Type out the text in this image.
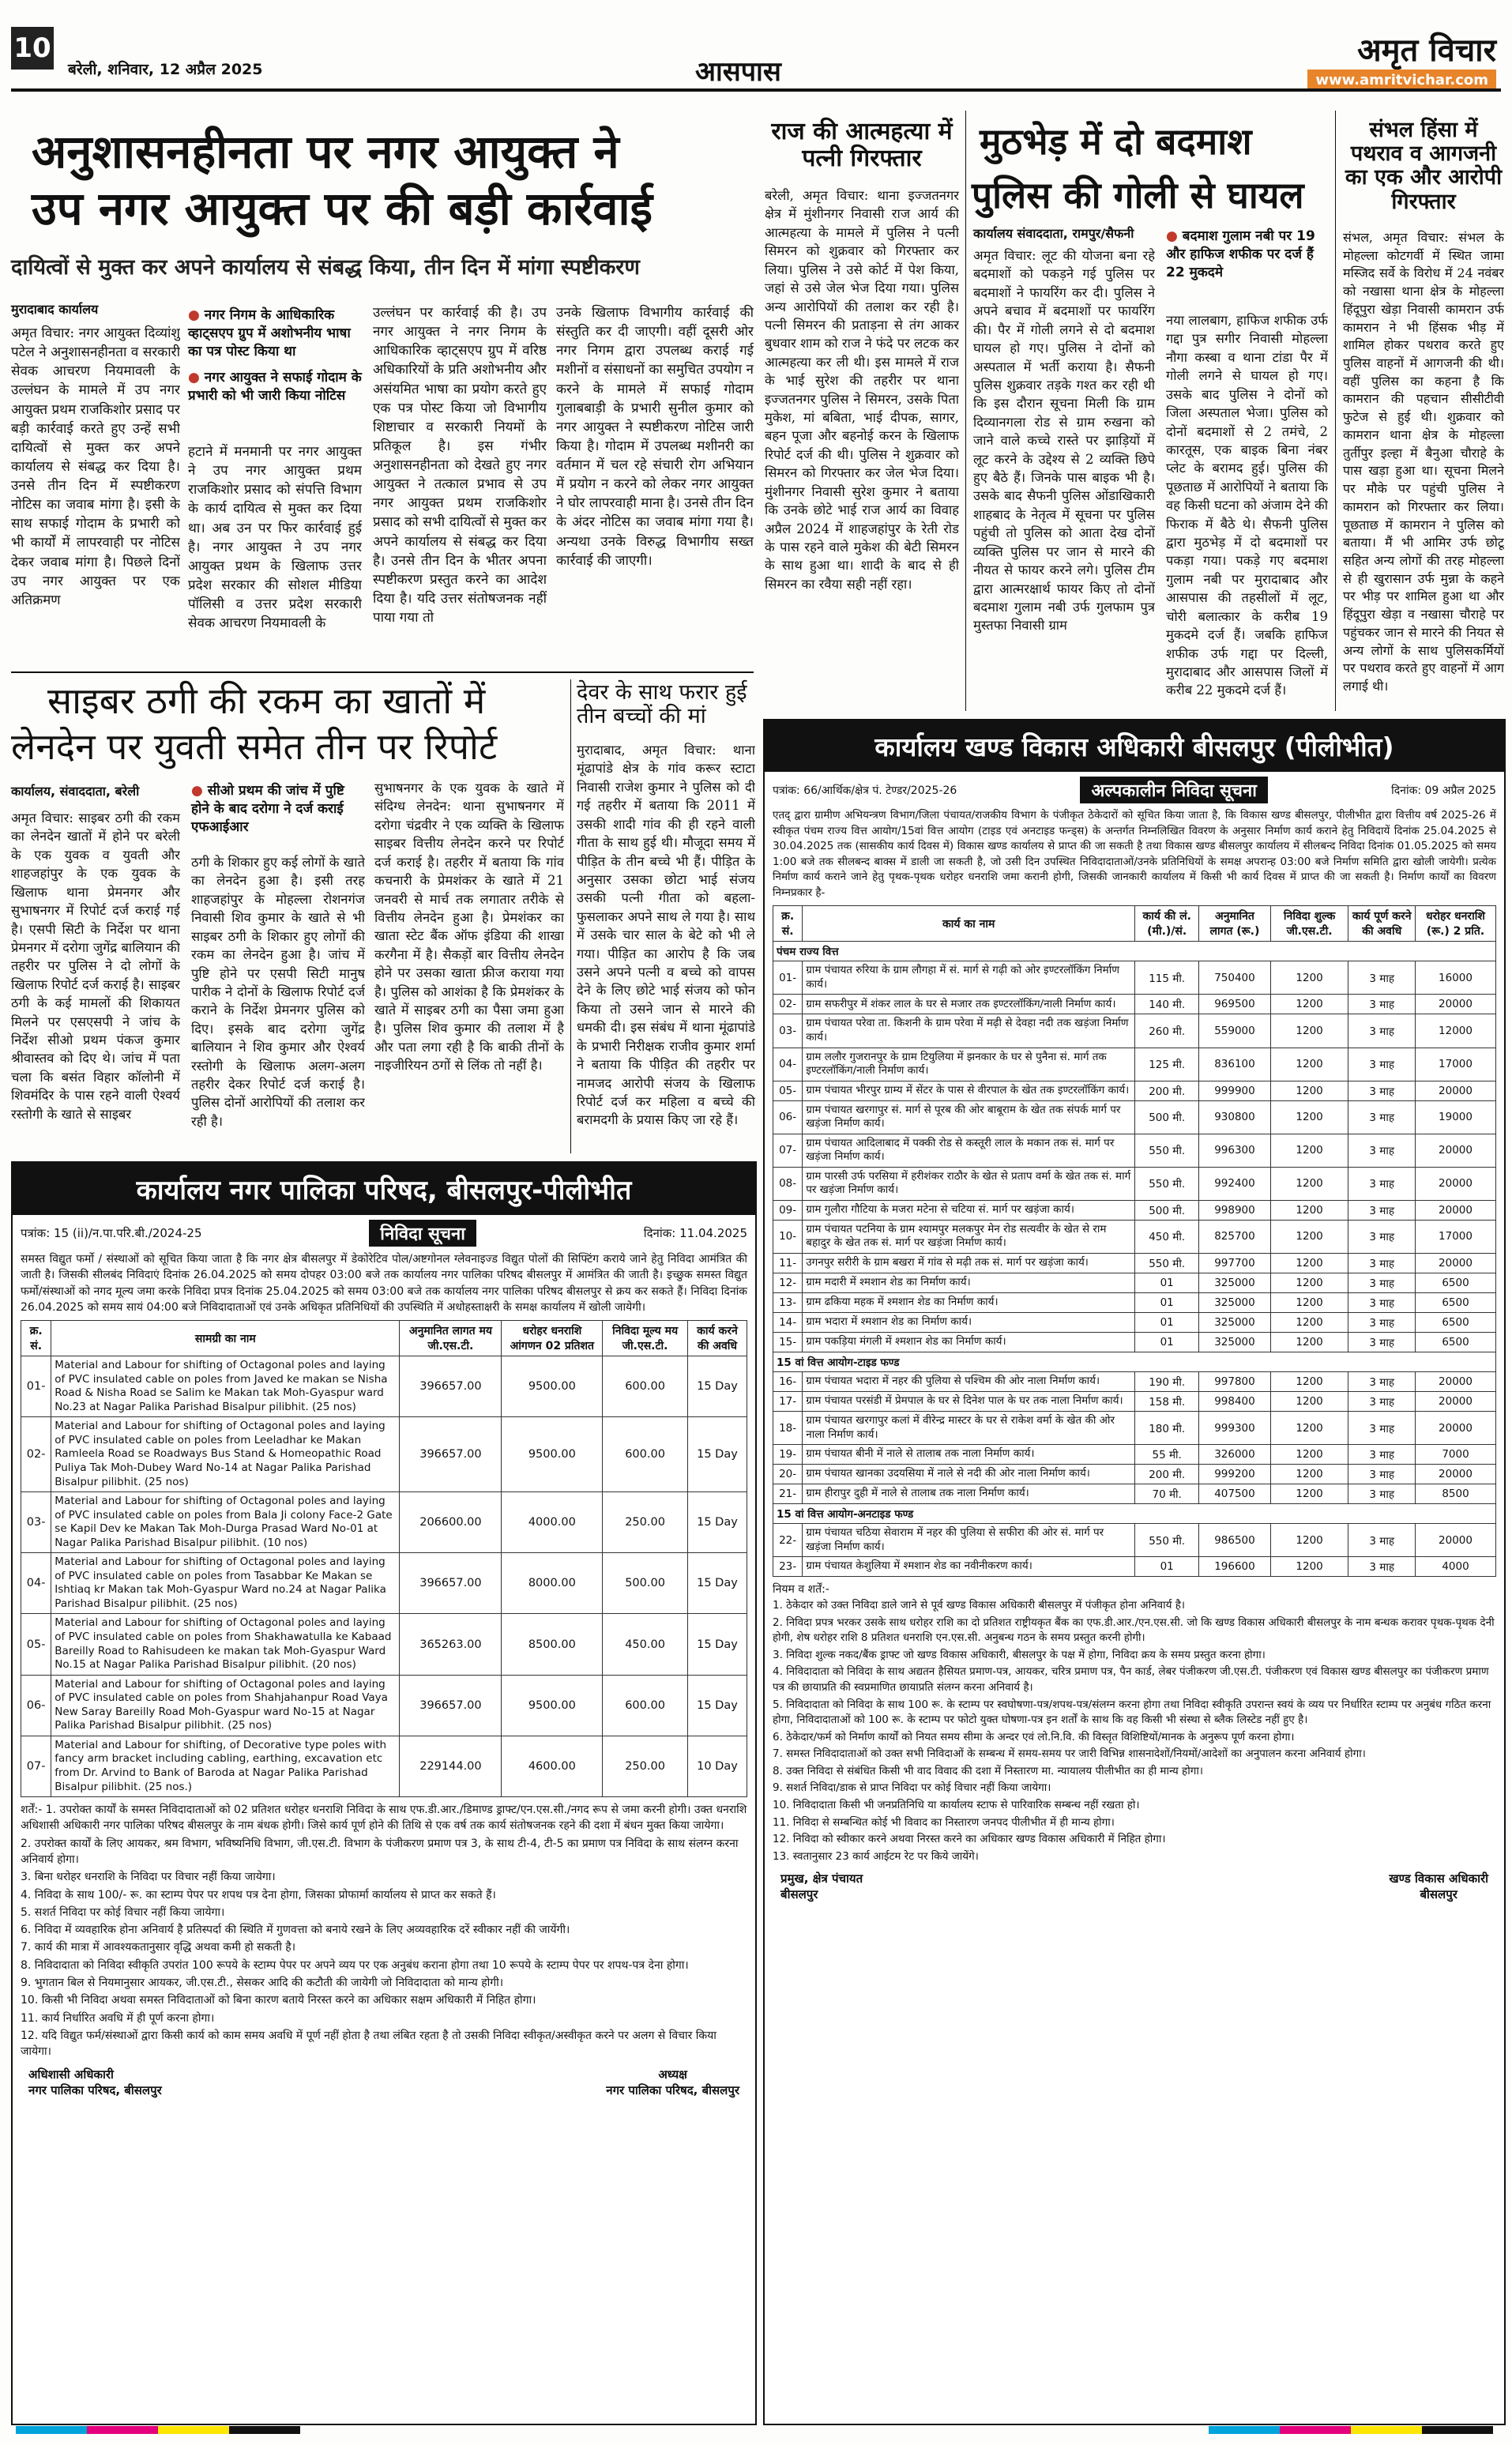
10
बरेली, शनिवार, 12 अप्रैल 2025	आसपास
अमृत विचार
www.amritvichar.com
अनुशासनहीनता पर नगर आयुक्त ने
उप नगर आयुक्त पर की बड़ी कार्रवाई
दायित्वों से मुक्त कर अपने कार्यालय से संबद्ध किया, तीन दिन में मांगा स्पष्टीकरण
मुरादाबाद कार्यालय
अमृत विचार: नगर आयुक्त दिव्यांशु पटेल ने अनुशासनहीनता व सरकारी सेवक आचरण नियमावली के उल्लंघन के मामले में उप नगर आयुक्त प्रथम राजकिशोर प्रसाद पर बड़ी कार्रवाई करते हुए उन्हें सभी दायित्वों से मुक्त कर अपने कार्यालय से संबद्ध कर दिया है। उनसे तीन दिन में स्पष्टीकरण नोटिस का जवाब मांगा है। इसी के साथ सफाई गोदाम के प्रभारी को भी कार्यों में लापरवाही पर नोटिस देकर जवाब मांगा है। पिछले दिनों उप नगर आयुक्त पर एक अतिक्रमण
● नगर निगम के आधिकारिक व्हाट्सएप ग्रुप में अशोभनीय भाषा का पत्र पोस्ट किया था
● नगर आयुक्त ने सफाई गोदाम के प्रभारी को भी जारी किया नोटिस
हटाने में मनमानी पर नगर आयुक्त ने उप नगर आयुक्त प्रथम राजकिशोर प्रसाद को संपत्ति विभाग के कार्य दायित्व से मुक्त कर दिया था। अब उन पर फिर कार्रवाई हुई है। नगर आयुक्त ने उप नगर आयुक्त प्रथम के खिलाफ उत्तर प्रदेश सरकार की सोशल मीडिया पॉलिसी व उत्तर प्रदेश सरकारी सेवक आचरण नियमावली के
उल्लंघन पर कार्रवाई की है। उप नगर आयुक्त ने नगर निगम के आधिकारिक व्हाट्सएप ग्रुप में वरिष्ठ अधिकारियों के प्रति अशोभनीय और असंयमित भाषा का प्रयोग करते हुए एक पत्र पोस्ट किया जो विभागीय शिष्टाचार व सरकारी नियमों के प्रतिकूल है। इस गंभीर अनुशासनहीनता को देखते हुए नगर आयुक्त ने तत्काल प्रभाव से उप नगर आयुक्त प्रथम राजकिशोर प्रसाद को सभी दायित्वों से मुक्त कर अपने कार्यालय से संबद्ध कर दिया है। उनसे तीन दिन के भीतर अपना स्पष्टीकरण प्रस्तुत करने का आदेश दिया है। यदि उत्तर संतोषजनक नहीं पाया गया तो
उनके खिलाफ विभागीय कार्रवाई की संस्तुति कर दी जाएगी। वहीं दूसरी ओर नगर निगम द्वारा उपलब्ध कराई गई मशीनों व संसाधनों का समुचित उपयोग न करने के मामले में सफाई गोदाम गुलाबबाड़ी के प्रभारी सुनील कुमार को नगर आयुक्त ने स्पष्टीकरण नोटिस जारी किया है। गोदाम में उपलब्ध मशीनरी का वर्तमान में चल रहे संचारी रोग अभियान में प्रयोग न करने को लेकर नगर आयुक्त ने घोर लापरवाही माना है। उनसे तीन दिन के अंदर नोटिस का जवाब मांगा गया है। अन्यथा उनके विरुद्ध विभागीय सख्त कार्रवाई की जाएगी।
राज की आत्महत्या में पत्नी गिरफ्तार
बरेली, अमृत विचार: थाना इज्जतनगर क्षेत्र में मुंशीनगर निवासी राज आर्य की आत्महत्या के मामले में पुलिस ने पत्नी सिमरन को शुक्रवार को गिरफ्तार कर लिया। पुलिस ने उसे कोर्ट में पेश किया, जहां से उसे जेल भेज दिया गया। पुलिस अन्य आरोपियों की तलाश कर रही है। पत्नी सिमरन की प्रताड़ना से तंग आकर बुधवार शाम को राज ने फंदे पर लटक कर आत्महत्या कर ली थी। इस मामले में राज के भाई सुरेश की तहरीर पर थाना इज्जतनगर पुलिस ने सिमरन, उसके पिता मुकेश, मां बबिता, भाई दीपक, सागर, बहन पूजा और बहनोई करन के खिलाफ रिपोर्ट दर्ज की थी। पुलिस ने शुक्रवार को सिमरन को गिरफ्तार कर जेल भेज दिया। मुंशीनगर निवासी सुरेश कुमार ने बताया कि उनके छोटे भाई राज आर्य का विवाह अप्रैल 2024 में शाहजहांपुर के रेती रोड के पास रहने वाले मुकेश की बेटी सिमरन के साथ हुआ था। शादी के बाद से ही सिमरन का रवैया सही नहीं रहा।
मुठभेड़ में दो बदमाश
पुलिस की गोली से घायल
कार्यालय संवाददाता, रामपुर/सैफनी
अमृत विचार: लूट की योजना बना रहे बदमाशों को पकड़ने गई पुलिस पर बदमाशों ने फायरिंग कर दी। पुलिस ने अपने बचाव में बदमाशों पर फायरिंग की। पैर में गोली लगने से दो बदमाश घायल हो गए। पुलिस ने दोनों को अस्पताल में भर्ती कराया है। सैफनी पुलिस शुक्रवार तड़के गश्त कर रही थी कि इस दौरान सूचना मिली कि ग्राम दिव्यानगला रोड से ग्राम रुखना को जाने वाले कच्चे रास्ते पर झाड़ियों में लूट करने के उद्देश्य से 2 व्यक्ति छिपे हुए बैठे हैं। जिनके पास बाइक भी है। उसके बाद सैफनी पुलिस ओंडाखिकारी शाहबाद के नेतृत्व में सूचना पर पुलिस पहुंची तो पुलिस को आता देख दोनों व्यक्ति पुलिस पर जान से मारने की नीयत से फायर करने लगे। पुलिस टीम द्वारा आत्मरक्षार्थ फायर किए तो दोनों बदमाश गुलाम नबी उर्फ गुलफाम पुत्र मुस्तफा निवासी ग्राम
● बदमाश गुलाम नबी पर 19 और हाफिज शफीक पर दर्ज हैं 22 मुकदमे
नया लालबाग, हाफिज शफीक उर्फ गद्दा पुत्र सगीर निवासी मोहल्ला नौगा कस्बा व थाना टांडा पैर में गोली लगने से घायल हो गए। उसके बाद पुलिस ने दोनों को जिला अस्पताल भेजा। पुलिस को दोनों बदमाशों से 2 तमंचे, 2 कारतूस, एक बाइक बिना नंबर प्लेट के बरामद हुई। पुलिस की पूछताछ में आरोपियों ने बताया कि वह किसी घटना को अंजाम देने की फिराक में बैठे थे। सैफनी पुलिस द्वारा मुठभेड़ में दो बदमाशों पर पकड़ा गया। पकड़े गए बदमाश गुलाम नबी पर मुरादाबाद और आसपास की तहसीलों में लूट, चोरी बलात्कार के करीब 19 मुकदमे दर्ज हैं। जबकि हाफिज शफीक उर्फ गद्दा पर दिल्ली, मुरादाबाद और आसपास जिलों में करीब 22 मुकदमे दर्ज हैं।
संभल हिंसा में पथराव व आगजनी का एक और आरोपी गिरफ्तार
संभल, अमृत विचार: संभल के मोहल्ला कोटगर्वी में स्थित जामा मस्जिद सर्वे के विरोध में 24 नवंबर को नखासा थाना क्षेत्र के मोहल्ला हिंदूपुरा खेड़ा निवासी कामरान उर्फ कामरान ने भी हिंसक भीड़ में शामिल होकर पथराव करते हुए पुलिस वाहनों में आगजनी की थी। वहीं पुलिस का कहना है कि कामरान की पहचान सीसीटीवी फुटेज से हुई थी। शुक्रवार को कामरान थाना क्षेत्र के मोहल्ला तुर्तीपुर इल्हा में बैनुआ चौराहे के पास खड़ा हुआ था। सूचना मिलने पर मौके पर पहुंची पुलिस ने कामरान को गिरफ्तार कर लिया। पूछताछ में कामरान ने पुलिस को बताया। मैं भी आमिर उर्फ छोटू सहित अन्य लोगों की तरह मोहल्ला से ही खुरासान उर्फ मुन्ना के कहने पर भीड़ पर शामिल हुआ था और हिंदूपुरा खेड़ा व नखासा चौराहे पर पहुंचकर जान से मारने की नियत से अन्य लोगों के साथ पुलिसकर्मियों पर पथराव करते हुए वाहनों में आग लगाई थी।
साइबर ठगी की रकम का खातों में
लेनदेन पर युवती समेत तीन पर रिपोर्ट
कार्यालय, संवाददाता, बरेली
अमृत विचार: साइबर ठगी की रकम का लेनदेन खातों में होने पर बरेली के एक युवक व युवती और शाहजहांपुर के एक युवक के खिलाफ थाना प्रेमनगर और सुभाषनगर में रिपोर्ट दर्ज कराई गई है। एसपी सिटी के निर्देश पर थाना प्रेमनगर में दरोगा जुगेंद्र बालियान की तहरीर पर पुलिस ने दो लोगों के खिलाफ रिपोर्ट दर्ज कराई है। साइबर ठगी के कई मामलों की शिकायत मिलने पर एसएसपी ने जांच के निर्देश सीओ प्रथम पंकज कुमार श्रीवास्तव को दिए थे। जांच में पता चला कि बसंत विहार कॉलोनी में शिवमंदिर के पास रहने वाली ऐश्वर्य रस्तोगी के खाते से साइबर
● सीओ प्रथम की जांच में पुष्टि होने के बाद दरोगा ने दर्ज कराई एफआईआर
ठगी के शिकार हुए कई लोगों के खाते का लेनदेन हुआ है। इसी तरह शाहजहांपुर के मोहल्ला रोशनगंज निवासी शिव कुमार के खाते से भी साइबर ठगी के शिकार हुए लोगों की रकम का लेनदेन हुआ है। जांच में पुष्टि होने पर एसपी सिटी मानुष पारीक ने दोनों के खिलाफ रिपोर्ट दर्ज कराने के निर्देश प्रेमनगर पुलिस को दिए। इसके बाद दरोगा जुगेंद्र बालियान ने शिव कुमार और ऐश्वर्य रस्तोगी के खिलाफ अलग-अलग तहरीर देकर रिपोर्ट दर्ज कराई है। पुलिस दोनों आरोपियों की तलाश कर रही है।
सुभाषनगर के एक युवक के खाते में संदिग्ध लेनदेन: थाना सुभाषनगर में दरोगा चंद्रवीर ने एक व्यक्ति के खिलाफ साइबर वित्तीय लेनदेन करने पर रिपोर्ट दर्ज कराई है। तहरीर में बताया कि गांव कचनारी के प्रेमशंकर के खाते में 21 जनवरी से मार्च तक लगातार तरीके से वित्तीय लेनदेन हुआ है। प्रेमशंकर का खाता स्टेट बैंक ऑफ इंडिया की शाखा करगैना में है। सैकड़ों बार वित्तीय लेनदेन होने पर उसका खाता फ्रीज कराया गया है। पुलिस को आशंका है कि प्रेमशंकर के खाते में साइबर ठगी का पैसा जमा हुआ है। पुलिस शिव कुमार की तलाश में है और पता लगा रही है कि बाकी तीनों के नाइजीरियन ठगों से लिंक तो नहीं है।
देवर के साथ फरार हुई तीन बच्चों की मां
मुरादाबाद, अमृत विचार: थाना मूंढापांडे क्षेत्र के गांव करूर स्टाटा निवासी राजेश कुमार ने पुलिस को दी गई तहरीर में बताया कि 2011 में उसकी शादी गांव की ही रहने वाली गीता के साथ हुई थी। मौजूदा समय में पीड़ित के तीन बच्चे भी हैं। पीड़ित के अनुसार उसका छोटा भाई संजय उसकी पत्नी गीता को बहला-फुसलाकर अपने साथ ले गया है। साथ में उसके चार साल के बेटे को भी ले गया। पीड़ित का आरोप है कि जब उसने अपने पत्नी व बच्चे को वापस देने के लिए छोटे भाई संजय को फोन किया तो उसने जान से मारने की धमकी दी। इस संबंध में थाना मूंढापांडे के प्रभारी निरीक्षक राजीव कुमार शर्मा ने बताया कि पीड़ित की तहरीर पर नामजद आरोपी संजय के खिलाफ रिपोर्ट दर्ज कर महिला व बच्चे की बरामदगी के प्रयास किए जा रहे हैं।
कार्यालय नगर पालिका परिषद, बीसलपुर-पीलीभीत
पत्रांक: 15 (ii)/न.पा.परि.बी./2024-25	निविदा सूचना	दिनांक: 11.04.2025
समस्त विद्युत फर्मो / संस्थाओं को सूचित किया जाता है कि नगर क्षेत्र बीसलपुर में डेकोरेटिव पोल/अष्टगोनल ग्लेवनाइज्ड विद्युत पोलों की सिफ्टिंग कराये जाने हेतु निविदा आमंत्रित की जाती है। जिसकी सीलबंद निविदाएं दिनांक 26.04.2025 को समय दोपहर 03:00 बजे तक कार्यालय नगर पालिका परिषद बीसलपुर में आमंत्रित की जाती है। इच्छुक समस्त विद्युत फर्मो/संस्थाओं को नगद मूल्य जमा करके निविदा प्रपत्र दिनांक 25.04.2025 को समय 03:00 बजे तक कार्यालय नगर पालिका परिषद बीसलपुर से क्रय कर सकते हैं। निविदा दिनांक 26.04.2025 को समय सायं 04:00 बजे निविदादाताओं एवं उनके अधिकृत प्रतिनिधियों की उपस्थिति में अधोहस्ताक्षरी के समक्ष कार्यालय में खोली जायेगी।
क्र. सं.	सामग्री का नाम	अनुमानित लागत मय जी.एस.टी.	धरोहर धनराशि आंगणन 02 प्रतिशत	निविदा मूल्य मय जी.एस.टी.	कार्य करने की अवधि
01-	Material and Labour for shifting of Octagonal poles and laying of PVC insulated cable on poles from Javed ke makan se Nisha Road & Nisha Road se Salim ke Makan tak Moh-Gyaspur ward No.23 at Nagar Palika Parishad Bisalpur pilibhit. (25 nos)	396657.00	9500.00	600.00	15 Day
02-	Material and Labour for shifting of Octagonal poles and laying of PVC insulated cable on poles from Leeladhar ke Makan Ramleela Road se Roadways Bus Stand & Homeopathic Road Puliya Tak Moh-Dubey Ward No-14 at Nagar Palika Parishad Bisalpur pilibhit. (25 nos)	396657.00	9500.00	600.00	15 Day
03-	Material and Labour for shifting of Octagonal poles and laying of PVC insulated cable on poles from Bala Ji colony Face-2 Gate se Kapil Dev ke Makan Tak Moh-Durga Prasad Ward No-01 at Nagar Palika Parishad Bisalpur pilibhit. (10 nos)	206600.00	4000.00	250.00	15 Day
04-	Material and Labour for shifting of Octagonal poles and laying of PVC insulated cable on poles from Tasabbar Ke Makan se Ishtiaq kr Makan tak Moh-Gyaspur Ward no.24 at Nagar Palika Parishad Bisalpur pilibhit. (25 nos)	396657.00	8000.00	500.00	15 Day
05-	Material and Labour for shifting of Octagonal poles and laying of PVC insulated cable on poles from Shakhawatulla ke Kabaad Bareilly Road to Rahisudeen ke makan tak Moh-Gyaspur Ward No.15 at Nagar Palika Parishad Bisalpur pilibhit. (20 nos)	365263.00	8500.00	450.00	15 Day
06-	Material and Labour for shifting of Octagonal poles and laying of PVC insulated cable on poles from Shahjahanpur Road Vaya New Saray Bareilly Road Moh-Gyaspur ward No-15 at Nagar Palika Parishad Bisalpur pilibhit. (25 nos)	396657.00	9500.00	600.00	15 Day
07-	Material and Labour for shifting, of Decorative type poles with fancy arm bracket including cabling, earthing, excavation etc from Dr. Arvind to Bank of Baroda at Nagar Palika Parishad Bisalpur pilibhit. (25 nos.)	229144.00	4600.00	250.00	10 Day
शर्तें:- 1. उपरोक्त कार्यों के समस्त निविदादाताओं को 02 प्रतिशत धरोहर धनराशि निविदा के साथ एफ.डी.आर./डिमाण्ड ड्राफ्ट/एन.एस.सी./नगद रूप से जमा करनी होगी। उक्त धनराशि अधिशासी अधिकारी नगर पालिका परिषद बीसलपुर के नाम बंधक होगी। जिसे कार्य पूर्ण होने की तिथि से एक वर्ष तक कार्य संतोषजनक रहने की दशा में बंधन मुक्त किया जायेगा।
2. उपरोक्त कार्यों के लिए आयकर, श्रम विभाग, भविष्यनिधि विभाग, जी.एस.टी. विभाग के पंजीकरण प्रमाण पत्र 3, के साथ टी-4, टी-5 का प्रमाण पत्र निविदा के साथ संलग्न करना अनिवार्य होगा।
3. बिना धरोहर धनराशि के निविदा पर विचार नहीं किया जायेगा।
4. निविदा के साथ 100/- रू. का स्टाम्प पेपर पर शपथ पत्र देना होगा, जिसका प्रोफार्मा कार्यालय से प्राप्त कर सकते हैं।
5. सशर्त निविदा पर कोई विचार नहीं किया जायेगा।
6. निविदा में व्यवहारिक होना अनिवार्य है प्रतिस्पर्दा की स्थिति में गुणवत्ता को बनाये रखने के लिए अव्यवहारिक दरें स्वीकार नहीं की जायेंगी।
7. कार्य की मात्रा में आवश्यकतानुसार वृद्धि अथवा कमी हो सकती है।
8. निविदादाता को निविदा स्वीकृति उपरांत 100 रूपये के स्टाम्प पेपर पर अपने व्यय पर एक अनुबंध कराना होगा तथा 10 रूपये के स्टाम्प पेपर पर शपथ-पत्र देना होगा।
9. भुगतान बिल से नियमानुसार आयकर, जी.एस.टी., सेसकर आदि की कटौती की जायेगी जो निविदादाता को मान्य होगी।
10. किसी भी निविदा अथवा समस्त निविदाताओं को बिना कारण बताये निरस्त करने का अधिकार सक्षम अधिकारी में निहित होगा।
11. कार्य निर्धारित अवधि में ही पूर्ण करना होगा।
12. यदि विद्युत फर्म/संस्थाओं द्वारा किसी कार्य को काम समय अवधि में पूर्ण नहीं होता है तथा लंबित रहता है तो उसकी निविदा स्वीकृत/अस्वीकृत करने पर अलग से विचार किया जायेगा।
अधिशासी अधिकारी
नगर पालिका परिषद, बीसलपुर
अध्यक्ष
नगर पालिका परिषद, बीसलपुर
कार्यालय खण्ड विकास अधिकारी बीसलपुर (पीलीभीत)
पत्रांक: 66/आर्थिक/क्षेत्र पं. टेण्डर/2025-26	अल्पकालीन निविदा सूचना	दिनांक: 09 अप्रैल 2025
एतद् द्वारा ग्रामीण अभियन्त्रण विभाग/जिला पंचायत/राजकीय विभाग के पंजीकृत ठेकेदारों को सूचित किया जाता है, कि विकास खण्ड बीसलपुर, पीलीभीत द्वारा वित्तीय वर्ष 2025-26 में स्वीकृत पंचम राज्य वित्त आयोग/15वां वित्त आयोग (टाइड एवं अनटाइड फन्ड्स) के अन्तर्गत निम्नलिखित विवरण के अनुसार निर्माण कार्य कराने हेतु निविदायें दिनांक 25.04.2025 से 30.04.2025 तक (सासकीय कार्य दिवस में) विकास खण्ड कार्यालय से प्राप्त की जा सकती है तथा विकास खण्ड बीसलपुर कार्यालय में सीलबन्द निविदा दिनांक 01.05.2025 को समय 1:00 बजे तक सीलबन्द बाक्स में डाली जा सकती है, जो उसी दिन उपस्थित निविदादाताओं/उनके प्रतिनिधियों के समक्ष अपरान्ह 03:00 बजे निर्माण समिति द्वारा खोली जायेगी। प्रत्येक निर्माण कार्य कराने जाने हेतु पृथक-पृथक धरोहर धनराशि जमा करानी होगी, जिसकी जानकारी कार्यालय में किसी भी कार्य दिवस में प्राप्त की जा सकती है। निर्माण कार्यों का विवरण निम्नप्रकार है-
क्र. सं.	कार्य का नाम	कार्य की लं. (मी.)/सं.	अनुमानित लागत (रू.)	निविदा शुल्क जी.एस.टी.	कार्य पूर्ण करने की अवधि	धरोहर धनराशि (रू.) 2 प्रति.
पंचम राज्य वित्त						
01-	ग्राम पंचायत रुरिया के ग्राम लौगहा में सं. मार्ग से गढ़ी को ओर इण्टरलॉकिंग निर्माण कार्य।	115 मी.	750400	1200	3 माह	16000
02-	ग्राम सफरीपुर में शंकर लाल के घर से मजार तक इण्टरलॉकिंग/नाली निर्माण कार्य।	140 मी.	969500	1200	3 माह	20000
03-	ग्राम पंचायत परेवा ता. किशनी के ग्राम परेवा में मढ़ी से देवहा नदी तक खड़ंजा निर्माण कार्य।	260 मी.	559000	1200	3 माह	12000
04-	ग्राम ललौर गुजरानपुर के ग्राम टियुलिया में झनकार के घर से पुनैना सं. मार्ग तक इण्टरलॉकिंग/नाली निर्माण कार्य।	125 मी.	836100	1200	3 माह	17000
05-	ग्राम पंचायत भीरपुर ग्राम्य में सेंटर के पास से वीरपाल के खेत तक इण्टरलॉकिंग कार्य।	200 मी.	999900	1200	3 माह	20000
06-	ग्राम पंचायत खरगापुर सं. मार्ग से पूरब की ओर बाबूराम के खेत तक संपर्क मार्ग पर खड़ंजा निर्माण कार्य।	500 मी.	930800	1200	3 माह	19000
07-	ग्राम पंचायत आदिलाबाद में पक्की रोड से कस्तूरी लाल के मकान तक सं. मार्ग पर खड़ंजा निर्माण कार्य।	550 मी.	996300	1200	3 माह	20000
08-	ग्राम पारसी उर्फ परसिया में हरीशंकर राठौर के खेत से प्रताप वर्मा के खेत तक सं. मार्ग पर खड़ंजा निर्माण कार्य।	550 मी.	992400	1200	3 माह	20000
09-	ग्राम गुलौरा गौटिया के मजरा मटेना से चटिया सं. मार्ग पर खड़ंजा कार्य।	500 मी.	998900	1200	3 माह	20000
10-	ग्राम पंचायत पटनिया के ग्राम श्यामपुर मलकपुर मेन रोड सत्यवीर के खेत से राम बहादुर के खेत तक सं. मार्ग पर खड़ंजा निर्माण कार्य।	450 मी.	825700	1200	3 माह	17000
11-	उगनपुर सरीरी के ग्राम बखरा में गांव से मढ़ी तक सं. मार्ग पर खड़ंजा कार्य।	550 मी.	997700	1200	3 माह	20000
12-	ग्राम मदारी में श्मशान शेड का निर्माण कार्य।	01	325000	1200	3 माह	6500
13-	ग्राम ढकिया महक में श्मशान शेड का निर्माण कार्य।	01	325000	1200	3 माह	6500
14-	ग्राम भदारा में श्मशान शेड का निर्माण कार्य।	01	325000	1200	3 माह	6500
15-	ग्राम पकड़िया मंगली में श्मशान शेड का निर्माण कार्य।	01	325000	1200	3 माह	6500
15 वां वित्त आयोग-टाइड फण्ड						
16-	ग्राम पंचायत भदारा में नहर की पुलिया से पश्चिम की ओर नाला निर्माण कार्य।	190 मी.	997800	1200	3 माह	20000
17-	ग्राम पंचायत परसंडी में प्रेमपाल के घर से दिनेश पाल के घर तक नाला निर्माण कार्य।	158 मी.	998400	1200	3 माह	20000
18-	ग्राम पंचायत खरगापुर कलां में वीरेन्द्र मास्टर के घर से राकेश वर्मा के खेत की ओर नाला निर्माण कार्य।	180 मी.	999300	1200	3 माह	20000
19-	ग्राम पंचायत बीनी में नाले से तालाब तक नाला निर्माण कार्य।	55 मी.	326000	1200	3 माह	7000
20-	ग्राम पंचायत खानका उदयसिया में नाले से नदी की ओर नाला निर्माण कार्य।	200 मी.	999200	1200	3 माह	20000
21-	ग्राम हीरापुर दुही में नाले से तालाब तक नाला निर्माण कार्य।	70 मी.	407500	1200	3 माह	8500
15 वां वित्त आयोग-अनटाइड फण्ड						
22-	ग्राम पंचायत चठिया सेवाराम में नहर की पुलिया से सफीरा की ओर सं. मार्ग पर खड़ंजा निर्माण कार्य।	550 मी.	986500	1200	3 माह	20000
23-	ग्राम पंचायत केशुलिया में श्मशान शेड का नवीनीकरण कार्य।	01	196600	1200	3 माह	4000
नियम व शर्तें:-
1. ठेकेदार को उक्त निविदा डाले जाने से पूर्व खण्ड विकास अधिकारी बीसलपुर में पंजीकृत होना अनिवार्य है।
2. निविदा प्रपत्र भरकर उसके साथ धरोहर राशि का दो प्रतिशत राष्ट्रीयकृत बैंक का एफ.डी.आर./एन.एस.सी. जो कि खण्ड विकास अधिकारी बीसलपुर के नाम बन्धक करावर पृथक-पृथक देनी होगी, शेष धरोहर राशि 8 प्रतिशत धनराशि एन.एस.सी. अनुबन्ध गठन के समय प्रस्तुत करनी होगी।
3. निविदा शुल्क नकद/बैंक ड्राफ्ट जो खण्ड विकास अधिकारी, बीसलपुर के पक्ष में होगा, निविदा क्रय के समय प्रस्तुत करना होगा।
4. निविदादाता को निविदा के साथ अद्यतन हैसियत प्रमाण-पत्र, आयकर, चरित्र प्रमाण पत्र, पैन कार्ड, लेबर पंजीकरण जी.एस.टी. पंजीकरण एवं विकास खण्ड बीसलपुर का पंजीकरण प्रमाण पत्र की छायाप्रति की स्वप्रमाणित छायाप्रति संलग्न करना अनिवार्य है।
5. निविदादाता को निविदा के साथ 100 रू. के स्टाम्प पर स्वघोषणा-पत्र/शपथ-पत्र/संलग्न करना होगा तथा निविदा स्वीकृति उपरान्त स्वयं के व्यय पर निर्धारित स्टाम्प पर अनुबंध गठित करना होगा, निविदादाताओं को 100 रू. के स्टाम्प पर फोटो युक्त घोषणा-पत्र इन शर्तों के साथ कि वह किसी भी संस्था से ब्लैक लिस्टेड नहीं हुए है।
6. ठेकेदार/फर्म को निर्माण कार्यों को नियत समय सीमा के अन्दर एवं लो.नि.वि. की विस्तृत विशिष्टियों/मानक के अनुरूप पूर्ण करना होगा।
7. समस्त निविदादाताओं को उक्त सभी निविदाओं के सम्बन्ध में समय-समय पर जारी विभिन्न शासनादेशों/नियमों/आदेशों का अनुपालन करना अनिवार्य होगा।
8. उक्त निविदा से संबंधित किसी भी वाद विवाद की दशा में निस्तारण मा. न्यायालय पीलीभीत का ही मान्य होगा।
9. सशर्त निविदा/डाक से प्राप्त निविदा पर कोई विचार नहीं किया जायेगा।
10. निविदादाता किसी भी जनप्रतिनिधि या कार्यालय स्टाफ से पारिवारिक सम्बन्ध नहीं रखता हो।
11. निविदा से सम्बन्धित कोई भी विवाद का निस्तारण जनपद पीलीभीत में ही मान्य होगा।
12. निविदा को स्वीकार करने अथवा निरस्त करने का अधिकार खण्ड विकास अधिकारी में निहित होगा।
13. स्वतानुसार 23 कार्य आईटम रेट पर किये जायेंगे।
प्रमुख, क्षेत्र पंचायत
बीसलपुर
खण्ड विकास अधिकारी
बीसलपुर
